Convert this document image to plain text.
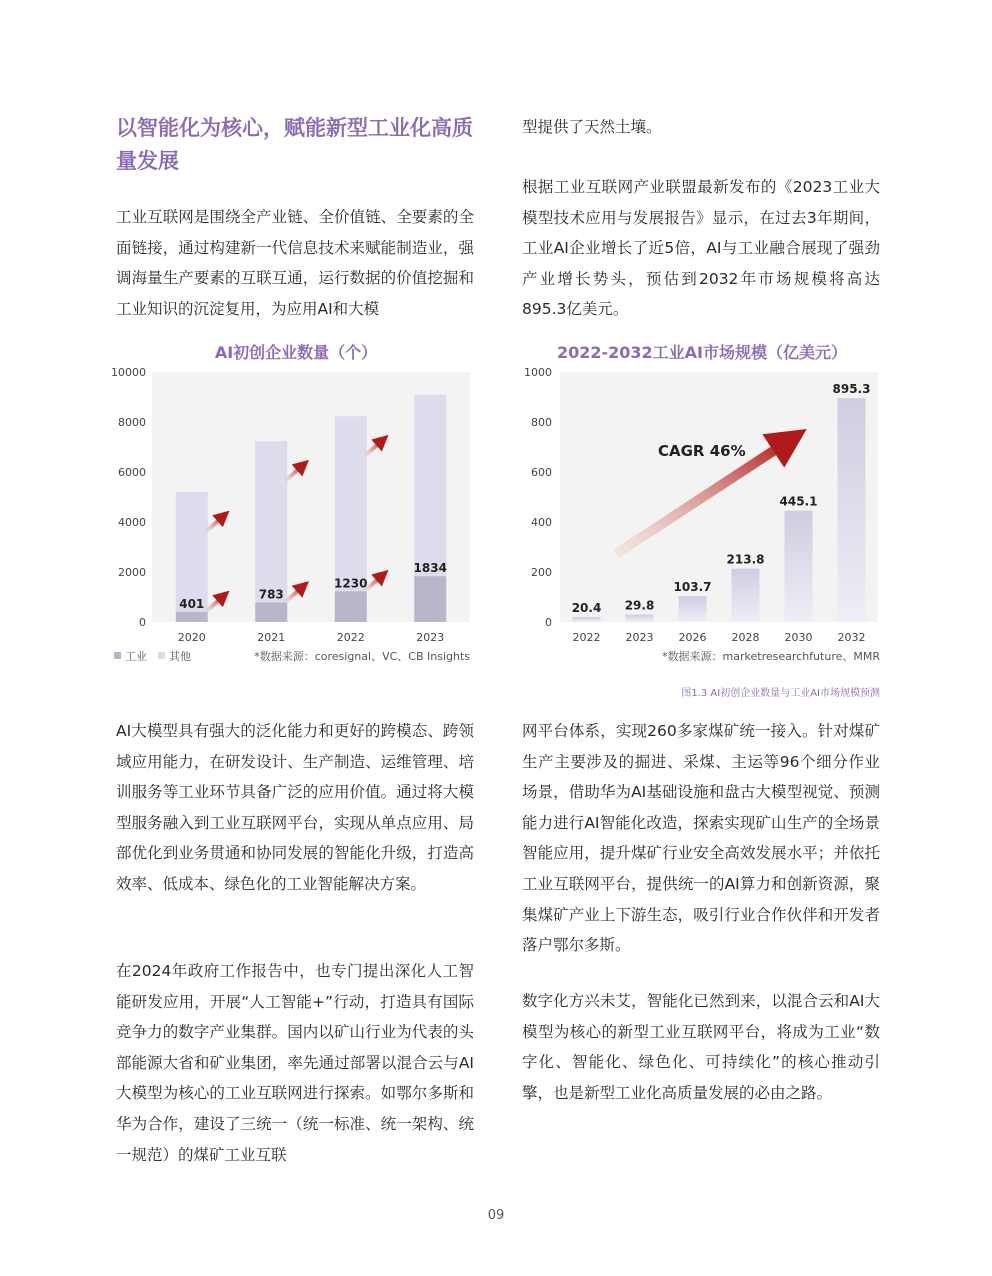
以智能化为核心，赋能新型工业化高质量发展
工业互联网是围绕全产业链、全价值链、全要素的全面链接，通过构建新一代信息技术来赋能制造业，强调海量生产要素的互联互通，运行数据的价值挖掘和工业知识的沉淀复用，为应用AI和大模
型提供了天然土壤。
根据工业互联网产业联盟最新发布的《2023工业大模型技术应用与发展报告》显示，在过去3年期间，工业AI企业增长了近5倍，AI与工业融合展现了强劲产业增长势头，预估到2032年市场规模将高达895.3亿美元。
AI初创企业数量（个）
0
2000
4000
6000
8000
10000
401
2020
783
2021
1230
2022
1834
2023
工业 其他	*数据来源：coresignal、VC、CB Insights
2022-2032工业AI市场规模（亿美元）
0
200
400
600
800
1000
20.4
2022
29.8
2023
103.7
2026
213.8
2028
445.1
2030
895.3
2032
CAGR 46%
*数据来源：marketresearchfuture、MMR
图1.3 AI初创企业数量与工业AI市场规模预测
AI大模型具有强大的泛化能力和更好的跨模态、跨领域应用能力，在研发设计、生产制造、运维管理、培训服务等工业环节具备广泛的应用价值。通过将大模型服务融入到工业互联网平台，实现从单点应用、局部优化到业务贯通和协同发展的智能化升级，打造高效率、低成本、绿色化的工业智能解决方案。
在2024年政府工作报告中，也专门提出深化人工智能研发应用，开展“人工智能+”行动，打造具有国际竞争力的数字产业集群。国内以矿山行业为代表的头部能源大省和矿业集团，率先通过部署以混合云与AI大模型为核心的工业互联网进行探索。如鄂尔多斯和华为合作，建设了三统一（统一标准、统一架构、统一规范）的煤矿工业互联
网平台体系，实现260多家煤矿统一接入。针对煤矿生产主要涉及的掘进、采煤、主运等96个细分作业场景，借助华为AI基础设施和盘古大模型视觉、预测能力进行AI智能化改造，探索实现矿山生产的全场景智能应用，提升煤矿行业安全高效发展水平；并依托工业互联网平台，提供统一的AI算力和创新资源，聚集煤矿产业上下游生态，吸引行业合作伙伴和开发者落户鄂尔多斯。
数字化方兴未艾，智能化已然到来，以混合云和AI大模型为核心的新型工业互联网平台，将成为工业“数字化、智能化、绿色化、可持续化”的核心推动引擎，也是新型工业化高质量发展的必由之路。
09
